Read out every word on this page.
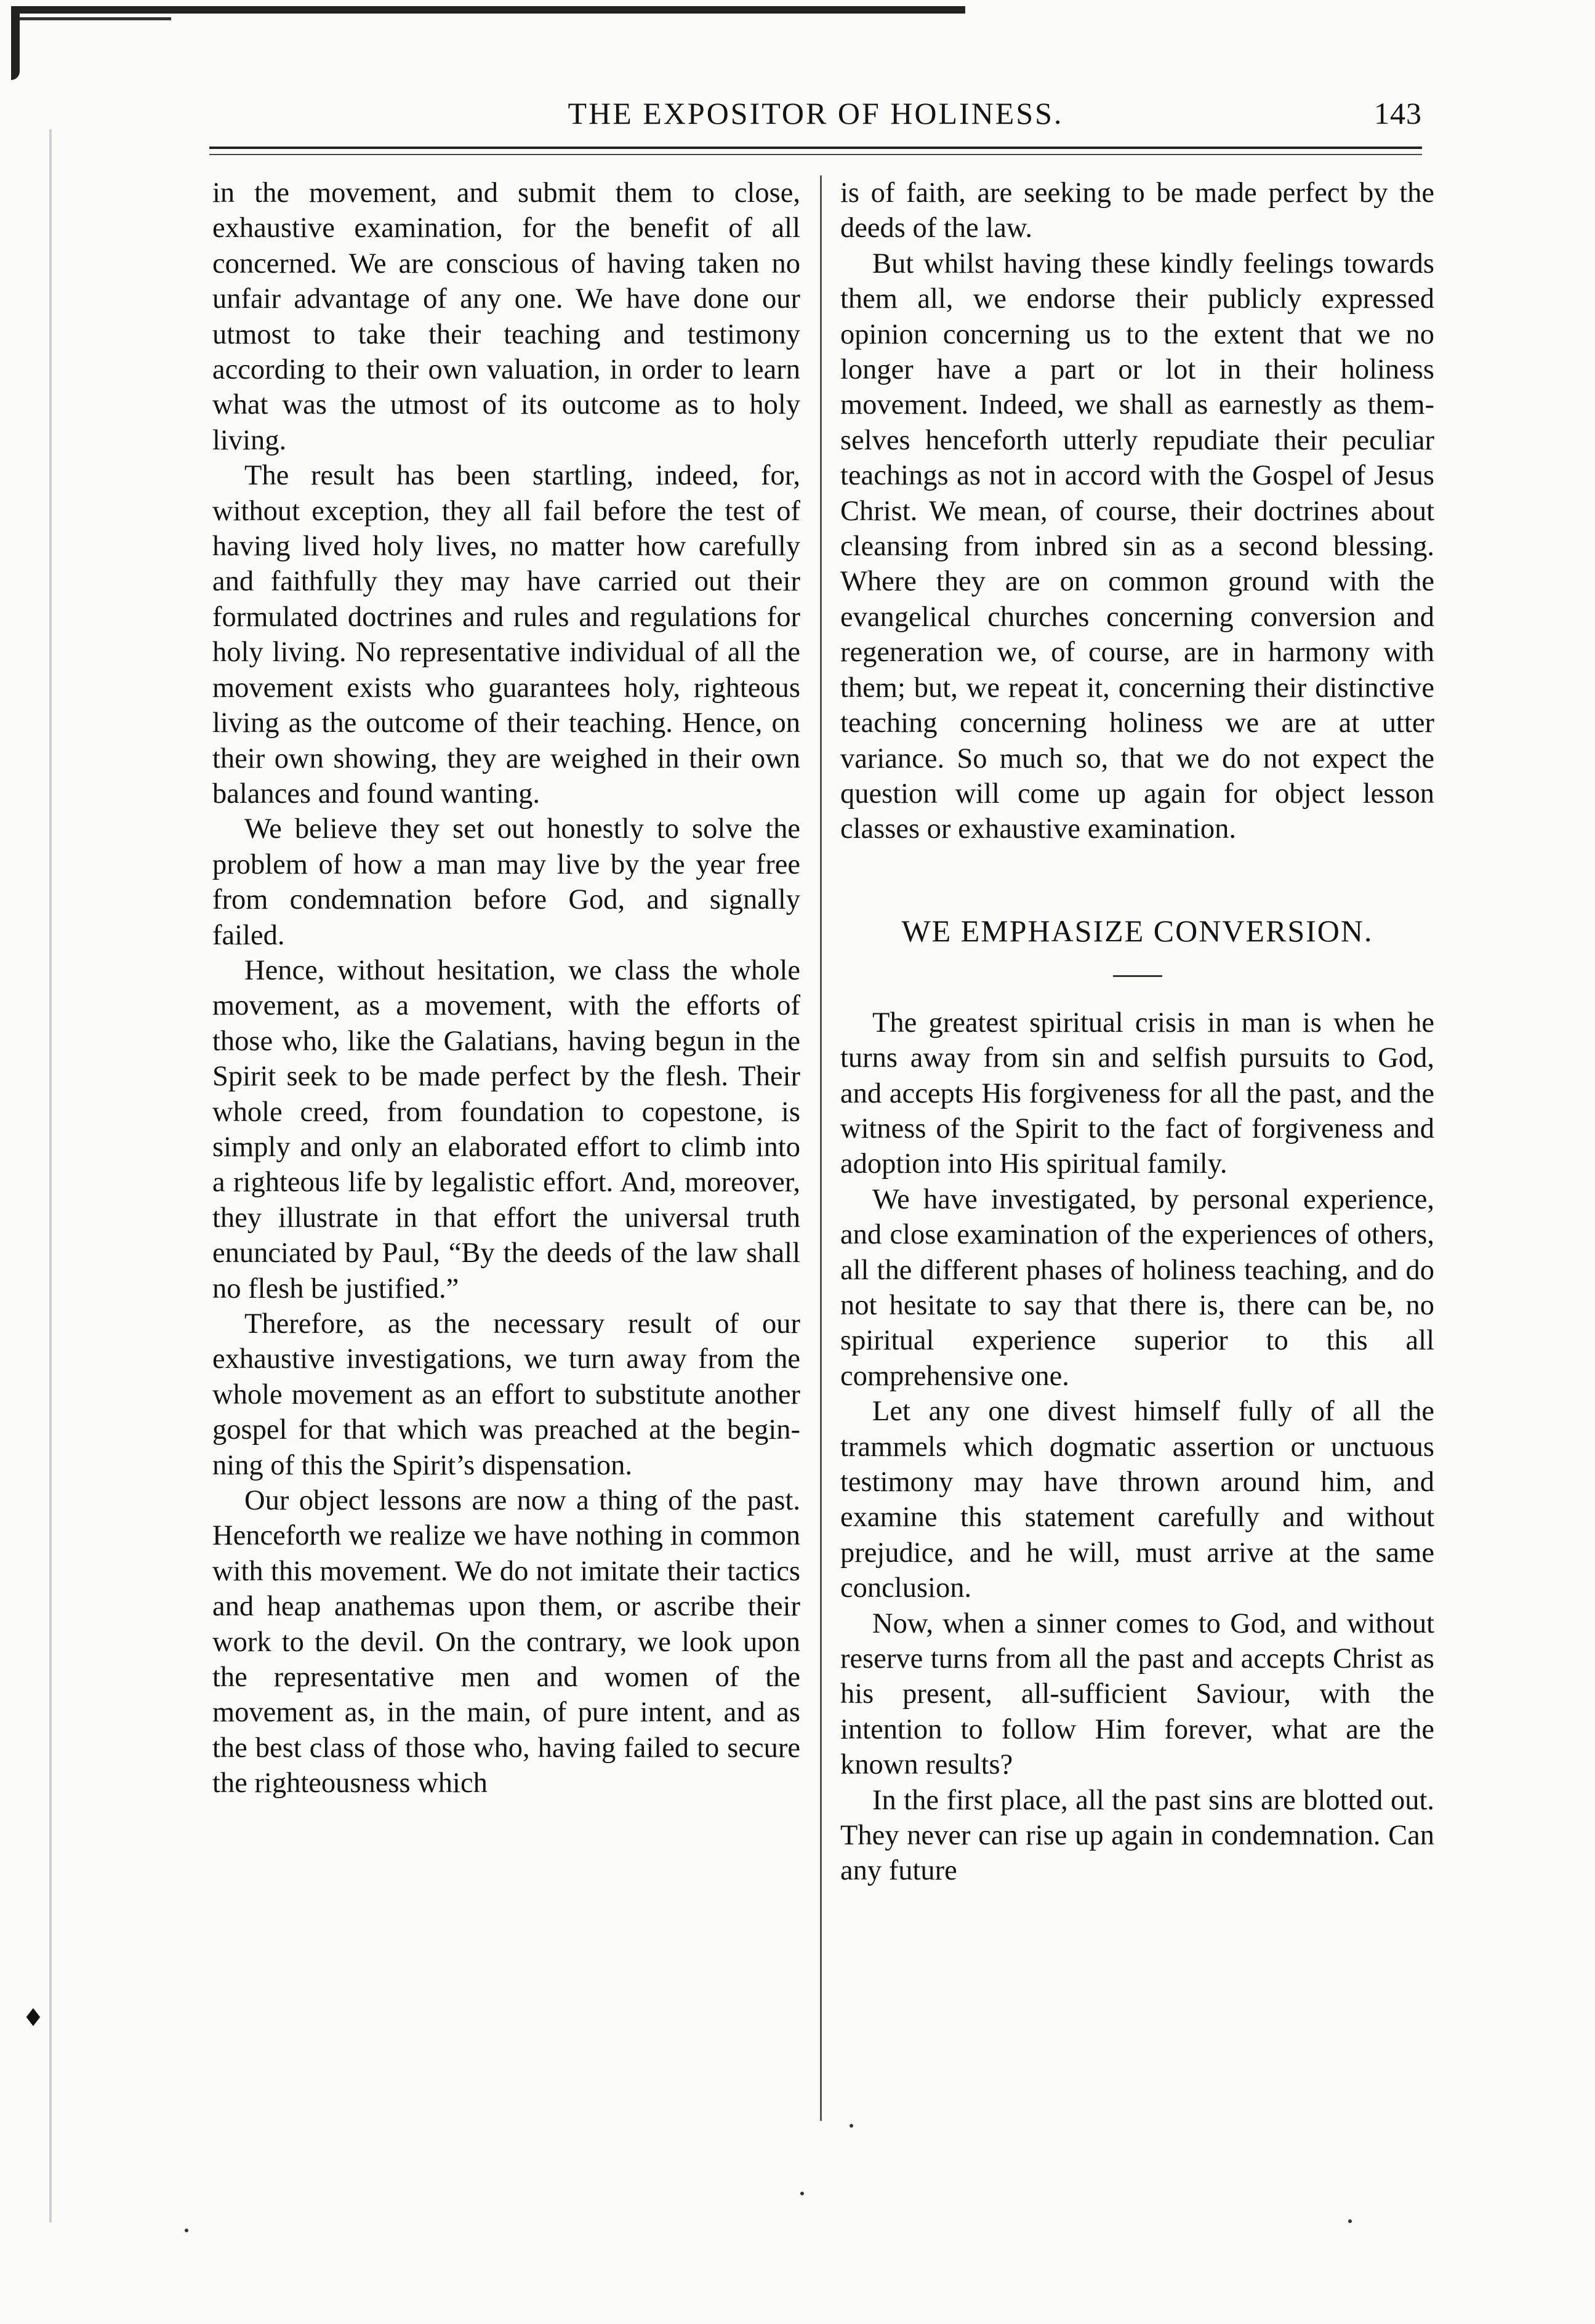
THE EXPOSITOR OF HOLINESS.	143

in the movement, and submit them to close, exhaustive examination, for the benefit of all concerned. We are conscious of having taken no unfair advantage of any one. We have done our utmost to take their teaching and testimony according to their own valuation, in order to learn what was the utmost of its outcome as to holy living.

The result has been startling, indeed, for, without exception, they all fail before the test of having lived holy lives, no matter how carefully and faithfully they may have carried out their formulated doctrines and rules and regulations for holy living. No representative individual of all the movement exists who guarantees holy, righteous living as the outcome of their teaching. Hence, on their own showing, they are weighed in their own balances and found wanting.

We believe they set out honestly to solve the problem of how a man may live by the year free from condemnation before God, and signally failed.

Hence, without hesitation, we class the whole movement, as a movement, with the efforts of those who, like the Galatians, having begun in the Spirit seek to be made perfect by the flesh. Their whole creed, from foundation to copestone, is simply and only an elaborated effort to climb into a righteous life by legalistic effort. And, moreover, they illustrate in that effort the universal truth enunciated by Paul, “By the deeds of the law shall no flesh be justified.”

Therefore, as the necessary result of our exhaustive investigations, we turn away from the whole movement as an effort to substitute another gospel for that which was preached at the beginning of this the Spirit’s dispensation.

Our object lessons are now a thing of the past. Henceforth we realize we have nothing in common with this movement. We do not imitate their tactics and heap anathemas upon them, or ascribe their work to the devil. On the contrary, we look upon the representative men and women of the movement as, in the main, of pure intent, and as the best class of those who, having failed to secure the righteousness which

is of faith, are seeking to be made perfect by the deeds of the law.

But whilst having these kindly feelings towards them all, we endorse their publicly expressed opinion concerning us to the extent that we no longer have a part or lot in their holiness movement. Indeed, we shall as earnestly as themselves henceforth utterly repudiate their peculiar teachings as not in accord with the Gospel of Jesus Christ. We mean, of course, their doctrines about cleansing from inbred sin as a second blessing. Where they are on common ground with the evangelical churches concerning conversion and regeneration we, of course, are in harmony with them; but, we repeat it, concerning their distinctive teaching concerning holiness we are at utter variance. So much so, that we do not expect the question will come up again for object lesson classes or exhaustive examination.

WE EMPHASIZE CONVERSION.

The greatest spiritual crisis in man is when he turns away from sin and selfish pursuits to God, and accepts His forgiveness for all the past, and the witness of the Spirit to the fact of forgiveness and adoption into His spiritual family.

We have investigated, by personal experience, and close examination of the experiences of others, all the different phases of holiness teaching, and do not hesitate to say that there is, there can be, no spiritual experience superior to this all comprehensive one.

Let any one divest himself fully of all the trammels which dogmatic assertion or unctuous testimony may have thrown around him, and examine this statement carefully and without prejudice, and he will, must arrive at the same conclusion.

Now, when a sinner comes to God, and without reserve turns from all the past and accepts Christ as his present, all-sufficient Saviour, with the intention to follow Him forever, what are the known results?

In the first place, all the past sins are blotted out. They never can rise up again in condemnation. Can any future

♦
